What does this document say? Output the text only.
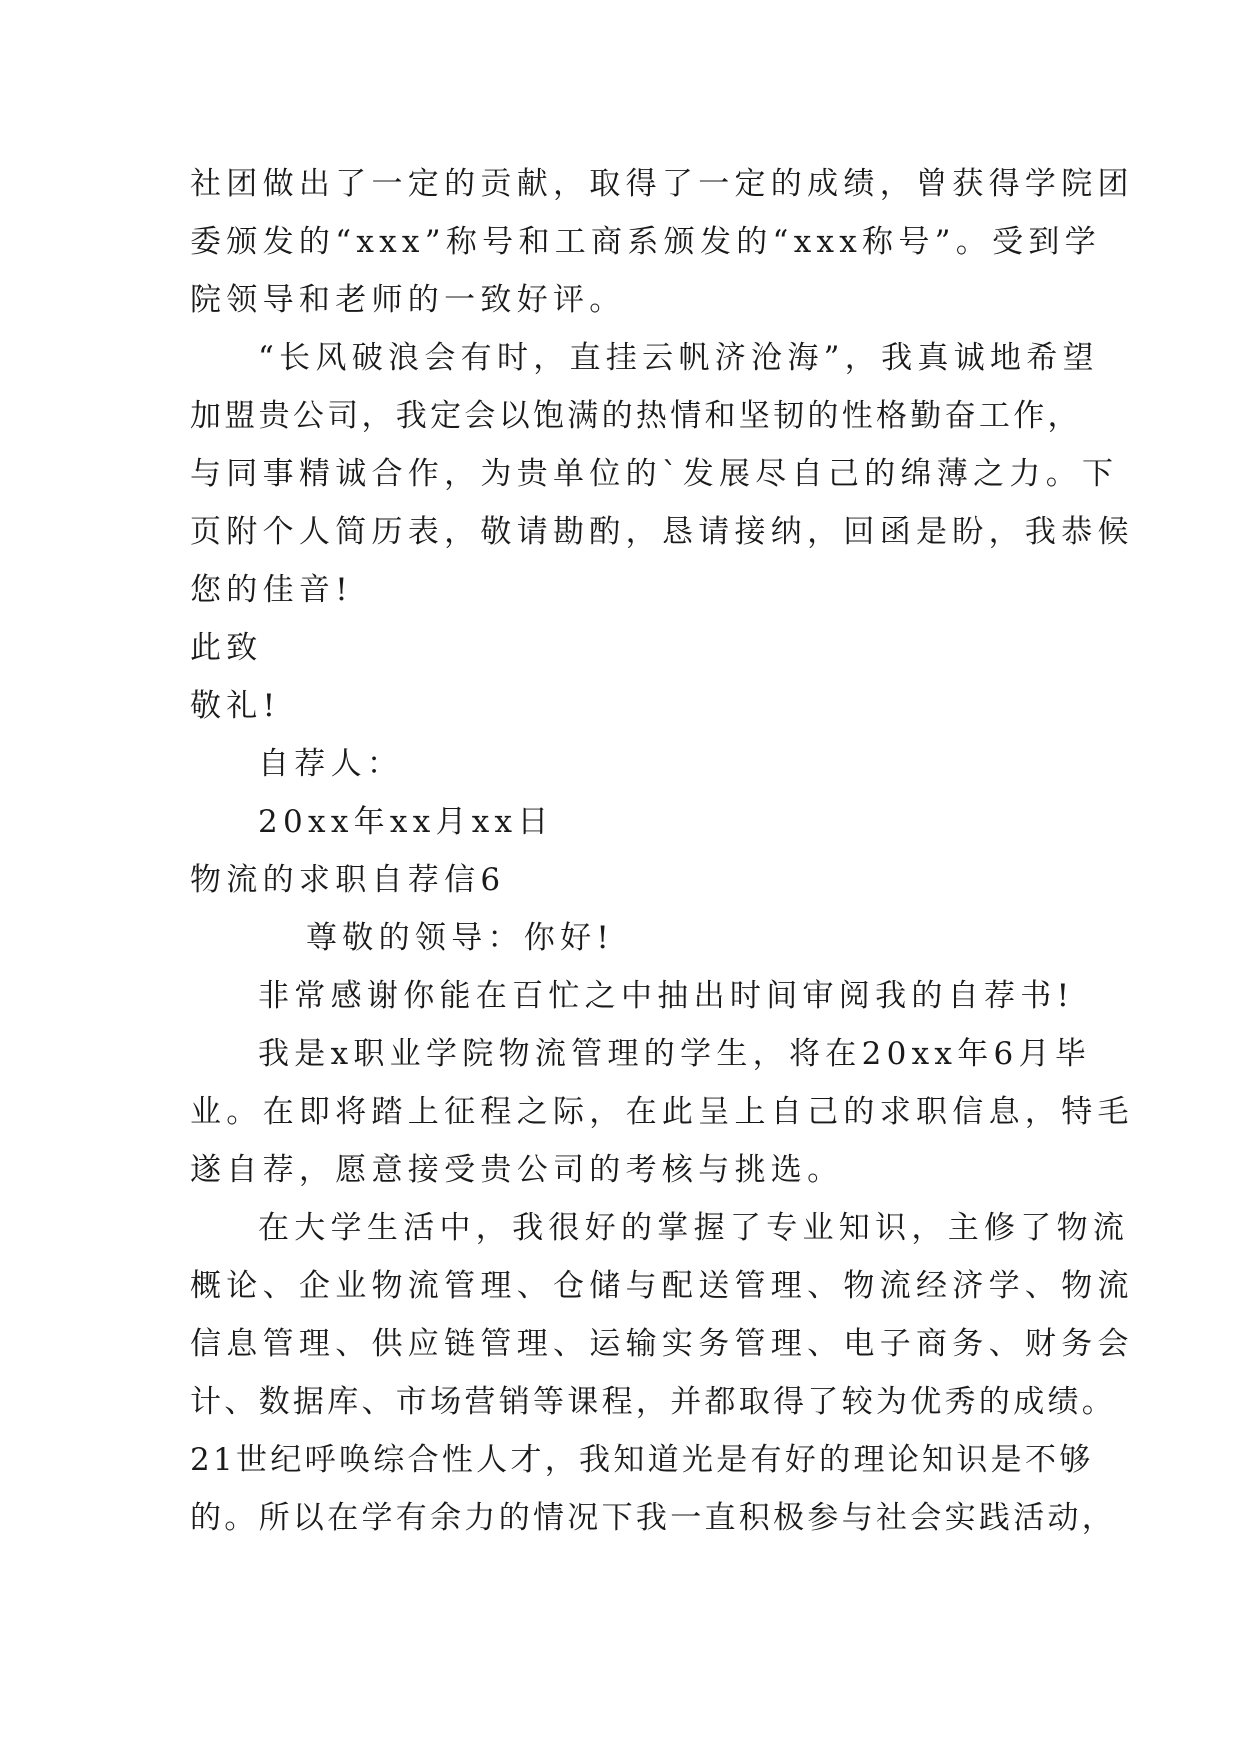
社团做出了一定的贡献，取得了一定的成绩，曾获得学院团
委颁发的“xxx”称号和工商系颁发的“xxx称号”。受到学
院领导和老师的一致好评。
“长风破浪会有时，直挂云帆济沧海”，我真诚地希望
加盟贵公司，我定会以饱满的热情和坚韧的性格勤奋工作，
与同事精诚合作，为贵单位的`发展尽自己的绵薄之力。下
页附个人简历表，敬请勘酌，恳请接纳，回函是盼，我恭候
您的佳音!
此致
敬礼!
自荐人：
20xx年xx月xx日
物流的求职自荐信6
尊敬的领导：你好!
非常感谢你能在百忙之中抽出时间审阅我的自荐书!
我是x职业学院物流管理的学生，将在20xx年6月毕
业。在即将踏上征程之际，在此呈上自己的求职信息，特毛
遂自荐，愿意接受贵公司的考核与挑选。
在大学生活中，我很好的掌握了专业知识，主修了物流
概论、企业物流管理、仓储与配送管理、物流经济学、物流
信息管理、供应链管理、运输实务管理、电子商务、财务会
计、数据库、市场营销等课程，并都取得了较为优秀的成绩。
21世纪呼唤综合性人才，我知道光是有好的理论知识是不够
的。所以在学有余力的情况下我一直积极参与社会实践活动，
